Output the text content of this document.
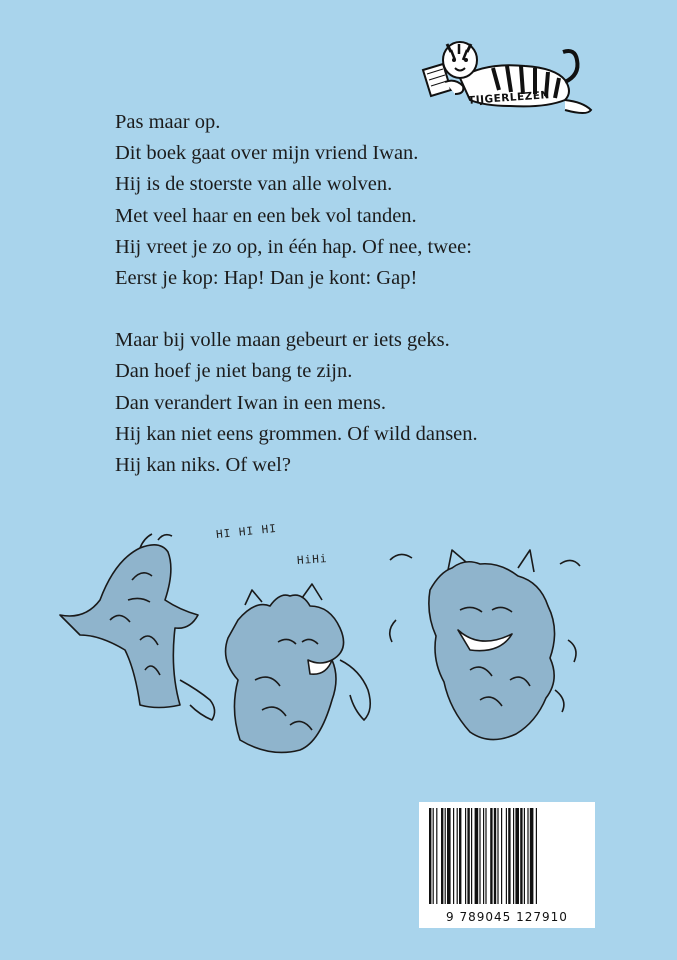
Pas maar op.
Dit boek gaat over mijn vriend Iwan.
Hij is de stoerste van alle wolven.
Met veel haar en een bek vol tanden.
Hij vreet je zo op, in één hap. Of nee, twee:
Eerst je kop: Hap! Dan je kont: Gap!
Maar bij volle maan gebeurt er iets geks.
Dan hoef je niet bang te zijn.
Dan verandert Iwan in een mens.
Hij kan niet eens grommen. Of wild dansen.
Hij kan niks. Of wel?
TIJGERLEZEN
HI HI HI
HiHi
9 789045 127910
